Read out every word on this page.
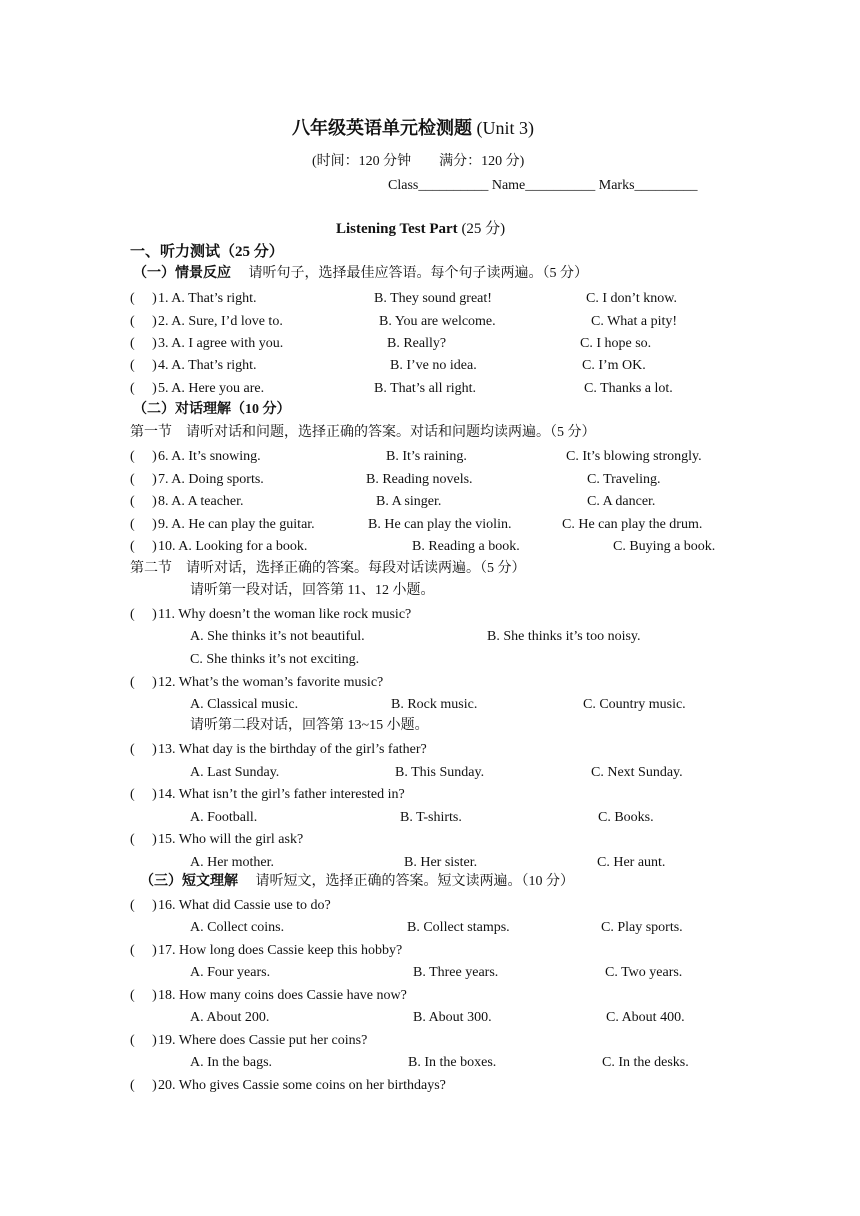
八年级英语单元检测题 (Unit 3)
(时间：120 分钟　　满分：120 分)
Class__________ Name__________ Marks_________
Listening Test Part (25 分)
一、听力测试（25 分）
（一）情景反应　 请听句子，选择最佳应答语。每个句子读两遍。（5 分）
(　 )1. A. That’s right.	B. They sound great!	C. I don’t know.
(　 )2. A. Sure, I’d love to.	B. You are welcome.	C. What a pity!
(　 )3. A. I agree with you.	B. Really?	C. I hope so.
(　 )4. A. That’s right.	B. I’ve no idea.	C. I’m OK.
(　 )5. A. Here you are.	B. That’s all right.	C. Thanks a lot.
（二）对话理解（10 分）
第一节　请听对话和问题，选择正确的答案。对话和问题均读两遍。（5 分）
(　 )6. A. It’s snowing.	B. It’s raining.	C. It’s blowing strongly.
(　 )7. A. Doing sports.	B. Reading novels.	C. Traveling.
(　 )8. A. A teacher.	B. A singer.	C. A dancer.
(　 )9. A. He can play the guitar.	B. He can play the violin.	C. He can play the drum.
(　 )10. A. Looking for a book.	B. Reading a book.	C. Buying a book.
第二节　请听对话，选择正确的答案。每段对话读两遍。（5 分）
请听第一段对话，回答第 11、12 小题。
(　 )11. Why doesn’t the woman like rock music?
A. She thinks it’s not beautiful.	B. She thinks it’s too noisy.
C. She thinks it’s not exciting.
(　 )12. What’s the woman’s favorite music?
A. Classical music.	B. Rock music.	C. Country music.
请听第二段对话，回答第 13~15 小题。
(　 )13. What day is the birthday of the girl’s father?
A. Last Sunday.	B. This Sunday.	C. Next Sunday.
(　 )14. What isn’t the girl’s father interested in?
A. Football.	B. T-shirts.	C. Books.
(　 )15. Who will the girl ask?
A. Her mother.	B. Her sister.	C. Her aunt.
（三）短文理解　 请听短文，选择正确的答案。短文读两遍。（10 分）
(　 )16. What did Cassie use to do?
A. Collect coins.	B. Collect stamps.	C. Play sports.
(　 )17. How long does Cassie keep this hobby?
A. Four years.	B. Three years.	C. Two years.
(　 )18. How many coins does Cassie have now?
A. About 200.	B. About 300.	C. About 400.
(　 )19. Where does Cassie put her coins?
A. In the bags.	B. In the boxes.	C. In the desks.
(　 )20. Who gives Cassie some coins on her birthdays?
